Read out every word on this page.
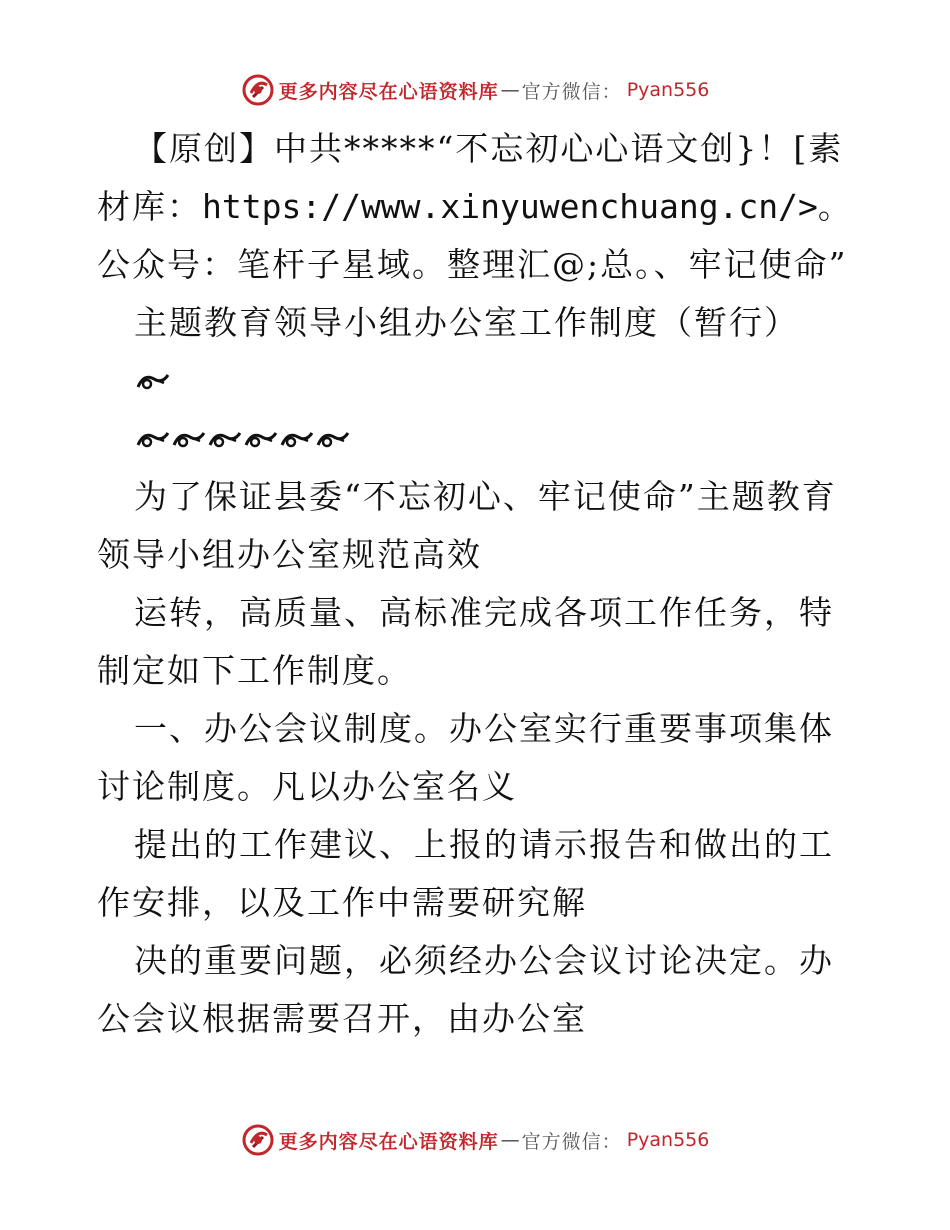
更多内容尽在心语资料库 — 官方微信 ： Pyan556

【原创】中共*****“不忘初心心语文创}！[素材库：https://www.xinyuwenchuang.cn/>。公众号：笔杆子星域。整理汇@;总。、牢记使命”

主题教育领导小组办公室工作制度（暂行）

为了保证县委“不忘初心、牢记使命”主题教育领导小组办公室规范高效

运转，高质量、高标准完成各项工作任务，特制定如下工作制度。

一、办公会议制度。办公室实行重要事项集体讨论制度。凡以办公室名义

提出的工作建议、上报的请示报告和做出的工作安排，以及工作中需要研究解

决的重要问题，必须经办公会议讨论决定。办公会议根据需要召开，由办公室

更多内容尽在心语资料库 — 官方微信 ： Pyan556
